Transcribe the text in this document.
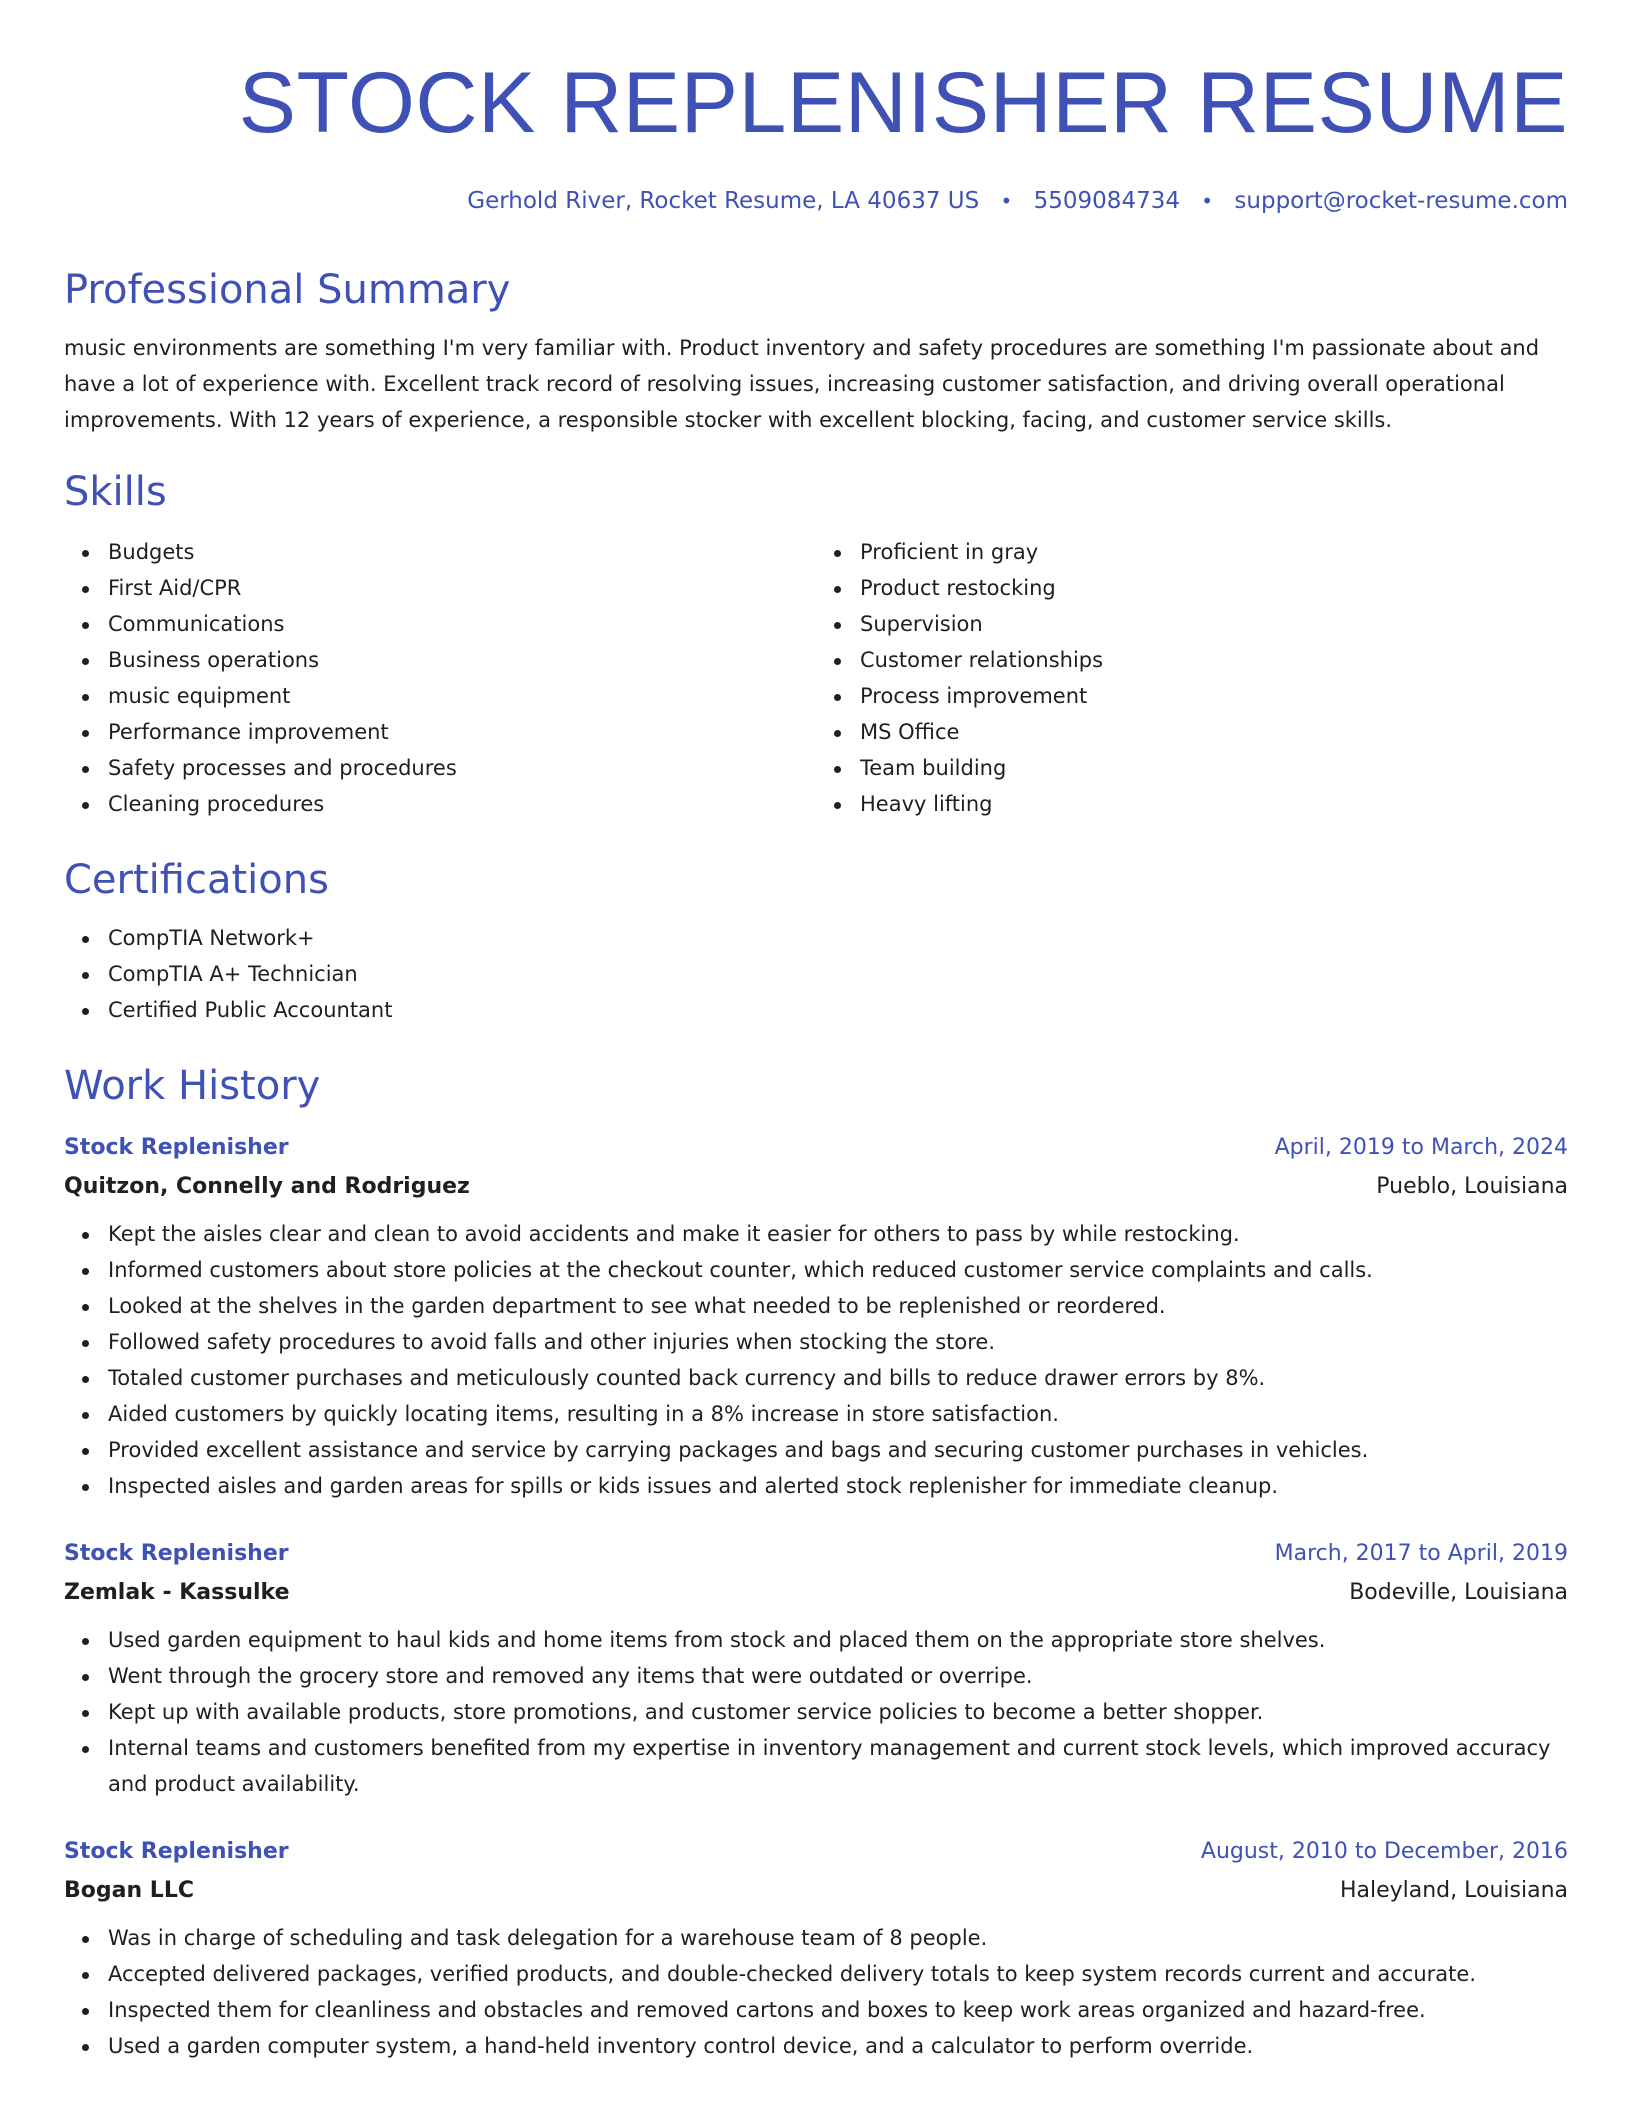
STOCK REPLENISHER RESUME
Gerhold River, Rocket Resume, LA 40637 US • 5509084734 • support@rocket-resume.com
Professional Summary
music environments are something I'm very familiar with. Product inventory and safety procedures are something I'm passionate about and have a lot of experience with. Excellent track record of resolving issues, increasing customer satisfaction, and driving overall operational improvements. With 12 years of experience, a responsible stocker with excellent blocking, facing, and customer service skills.
Skills
Budgets
First Aid/CPR
Communications
Business operations
music equipment
Performance improvement
Safety processes and procedures
Cleaning procedures
Proficient in gray
Product restocking
Supervision
Customer relationships
Process improvement
MS Office
Team building
Heavy lifting
Certifications
CompTIA Network+
CompTIA A+ Technician
Certified Public Accountant
Work History
Stock Replenisher	April, 2019 to March, 2024
Quitzon, Connelly and Rodriguez	Pueblo, Louisiana
Kept the aisles clear and clean to avoid accidents and make it easier for others to pass by while restocking.
Informed customers about store policies at the checkout counter, which reduced customer service complaints and calls.
Looked at the shelves in the garden department to see what needed to be replenished or reordered.
Followed safety procedures to avoid falls and other injuries when stocking the store.
Totaled customer purchases and meticulously counted back currency and bills to reduce drawer errors by 8%.
Aided customers by quickly locating items, resulting in a 8% increase in store satisfaction.
Provided excellent assistance and service by carrying packages and bags and securing customer purchases in vehicles.
Inspected aisles and garden areas for spills or kids issues and alerted stock replenisher for immediate cleanup.
Stock Replenisher	March, 2017 to April, 2019
Zemlak - Kassulke	Bodeville, Louisiana
Used garden equipment to haul kids and home items from stock and placed them on the appropriate store shelves.
Went through the grocery store and removed any items that were outdated or overripe.
Kept up with available products, store promotions, and customer service policies to become a better shopper.
Internal teams and customers benefited from my expertise in inventory management and current stock levels, which improved accuracy and product availability.
Stock Replenisher	August, 2010 to December, 2016
Bogan LLC	Haleyland, Louisiana
Was in charge of scheduling and task delegation for a warehouse team of 8 people.
Accepted delivered packages, verified products, and double-checked delivery totals to keep system records current and accurate.
Inspected them for cleanliness and obstacles and removed cartons and boxes to keep work areas organized and hazard-free.
Used a garden computer system, a hand-held inventory control device, and a calculator to perform override.
